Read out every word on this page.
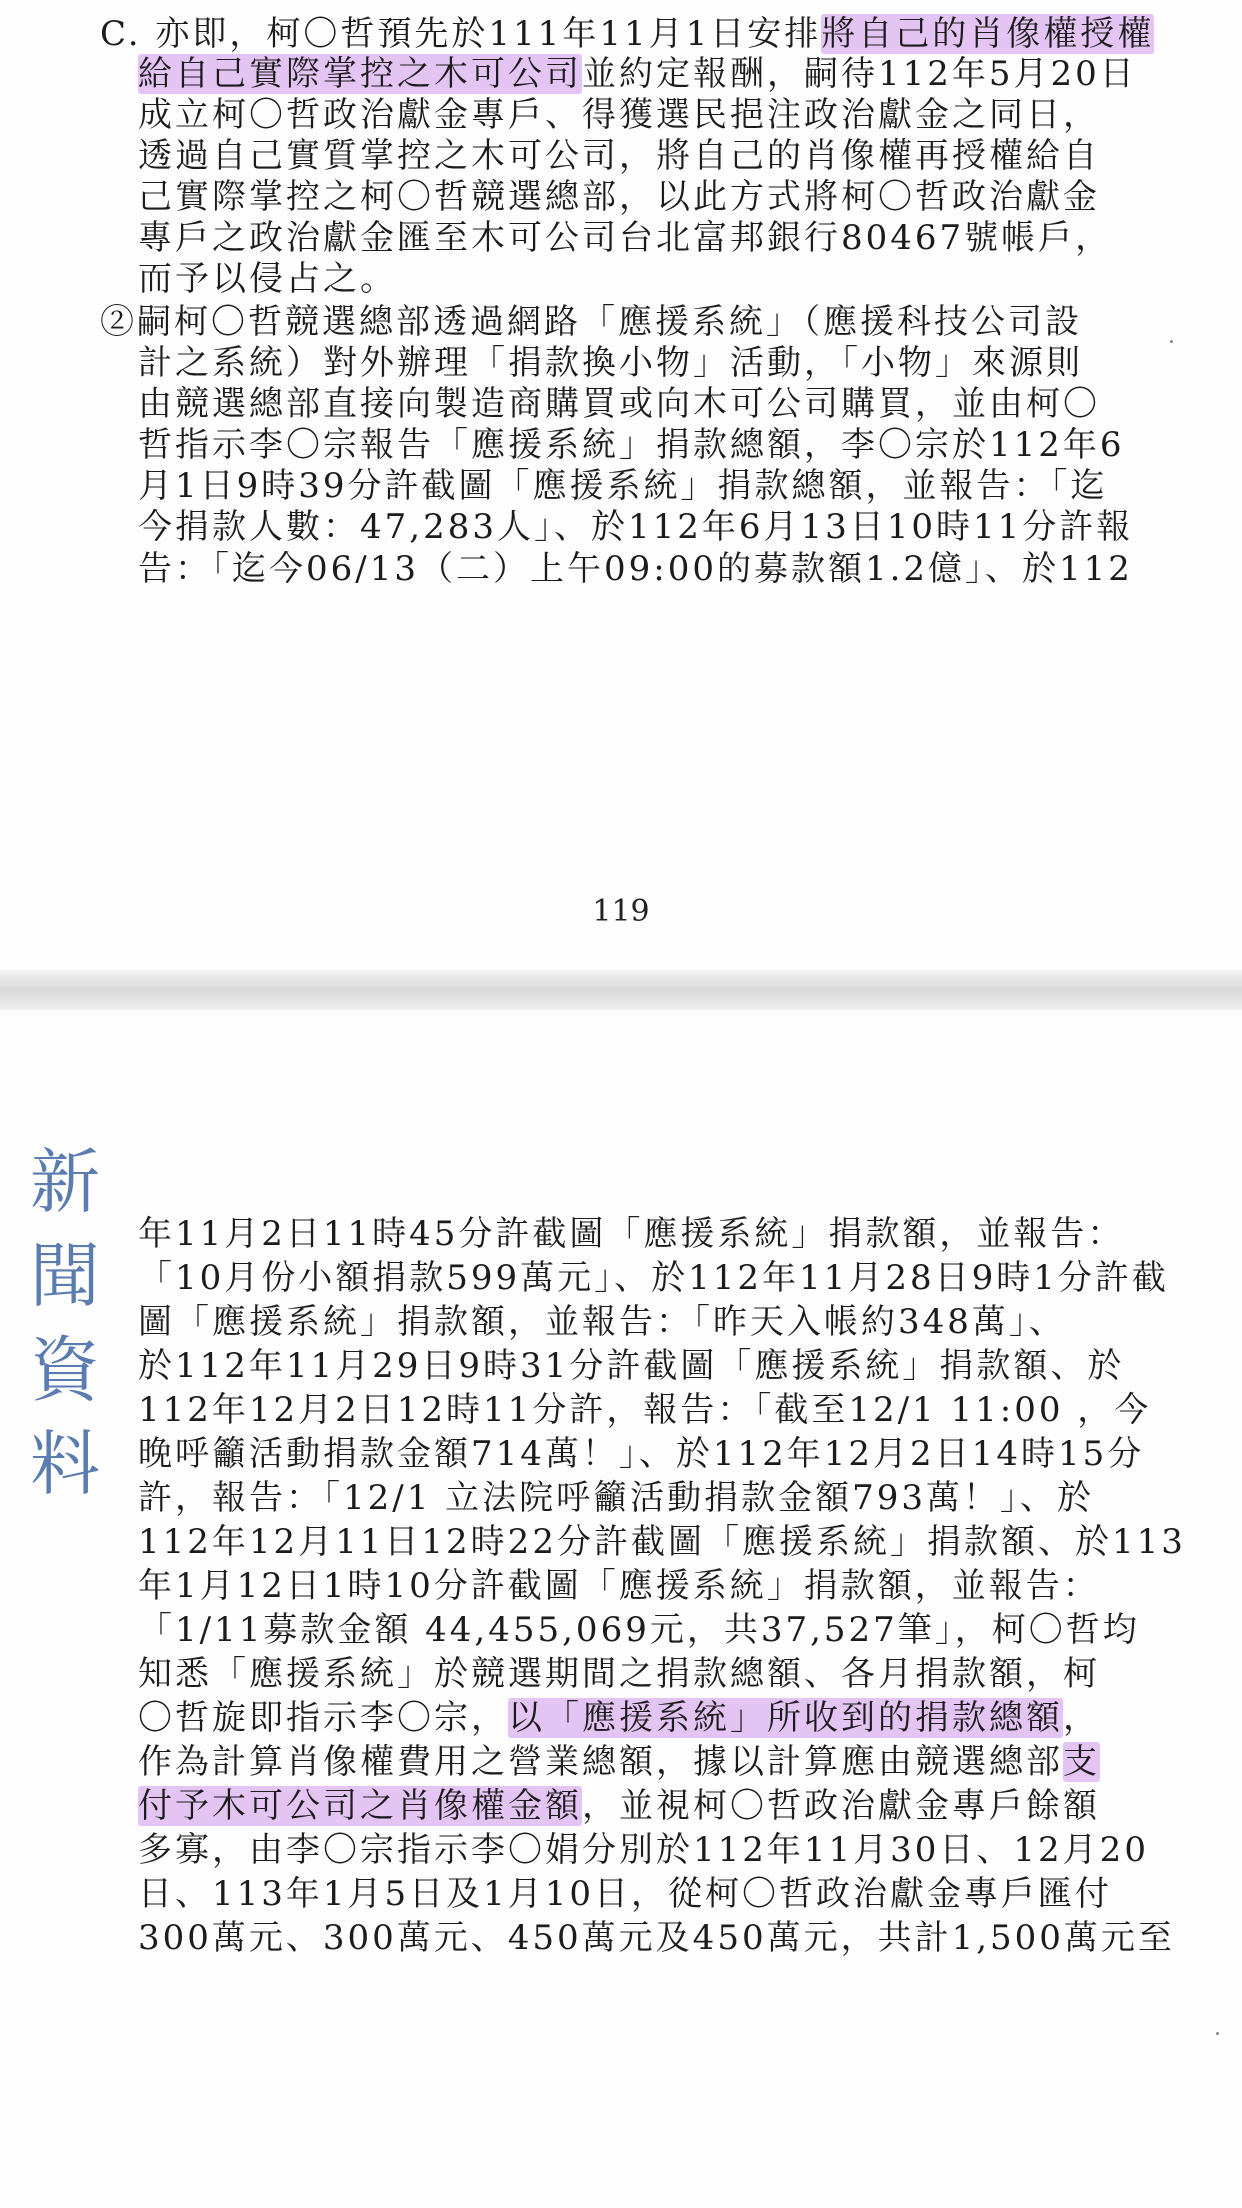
C. 亦即，柯〇哲預先於111年11月1日安排將自己的肖像權授權
給自己實際掌控之木可公司並約定報酬，嗣待112年5月20日
成立柯〇哲政治獻金專戶、得獲選民挹注政治獻金之同日，
透過自己實質掌控之木可公司，將自己的肖像權再授權給自
己實際掌控之柯〇哲競選總部，以此方式將柯〇哲政治獻金
專戶之政治獻金匯至木可公司台北富邦銀行80467號帳戶，
而予以侵占之。
②嗣柯〇哲競選總部透過網路「應援系統」（應援科技公司設
計之系統）對外辦理「捐款換小物」活動，「小物」來源則
由競選總部直接向製造商購買或向木可公司購買，並由柯〇
哲指示李〇宗報告「應援系統」捐款總額，李〇宗於112年6
月1日9時39分許截圖「應援系統」捐款總額，並報告：「迄
今捐款人數：47,283人」、於112年6月13日10時11分許報
告：「迄今06/13（二）上午09:00的募款額1.2億」、於112
119
新
聞
資
料
年11月2日11時45分許截圖「應援系統」捐款額，並報告：
「10月份小額捐款599萬元」、於112年11月28日9時1分許截
圖「應援系統」捐款額，並報告：「昨天入帳約348萬」、
於112年11月29日9時31分許截圖「應援系統」捐款額、於
112年12月2日12時11分許，報告：「截至12/1 11:00 ，今
晚呼籲活動捐款金額714萬！」、於112年12月2日14時15分
許，報告：「12/1 立法院呼籲活動捐款金額793萬！」、於
112年12月11日12時22分許截圖「應援系統」捐款額、於113
年1月12日1時10分許截圖「應援系統」捐款額，並報告：
「1/11募款金額 44,455,069元，共37,527筆」，柯〇哲均
知悉「應援系統」於競選期間之捐款總額、各月捐款額，柯
〇哲旋即指示李〇宗，以「應援系統」所收到的捐款總額，
作為計算肖像權費用之營業總額，據以計算應由競選總部支
付予木可公司之肖像權金額，並視柯〇哲政治獻金專戶餘額
多寡，由李〇宗指示李〇娟分別於112年11月30日、12月20
日、113年1月5日及1月10日，從柯〇哲政治獻金專戶匯付
300萬元、300萬元、450萬元及450萬元，共計1,500萬元至
